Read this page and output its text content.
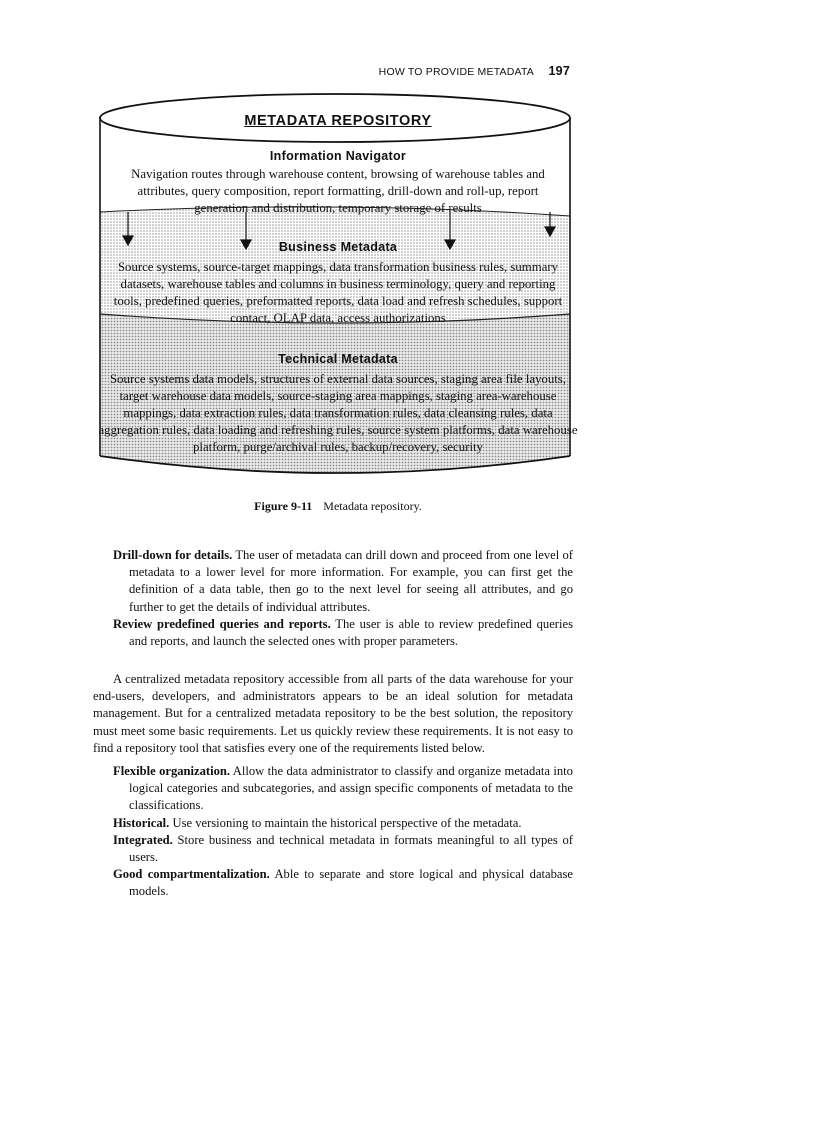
HOW TO PROVIDE METADATA 197
METADATA REPOSITORY
Information Navigator
Navigation routes through warehouse content, browsing of warehouse tables and attributes, query composition, report formatting, drill-down and roll-up, report generation and distribution, temporary storage of results
Business Metadata
Source systems, source-target mappings, data transformation business rules, summary datasets, warehouse tables and columns in business terminology, query and reporting tools, predefined queries, preformatted reports, data load and refresh schedules, support contact, OLAP data, access authorizations
Technical Metadata
Source systems data models, structures of external data sources, staging area file layouts, target warehouse data models, source-staging area mappings, staging area-warehouse mappings, data extraction rules, data transformation rules, data cleansing rules, data aggregation rules, data loading and refreshing rules, source system platforms, data warehouse platform, purge/archival rules, backup/recovery, security
Figure 9-11 Metadata repository.

Drill-down for details. The user of metadata can drill down and proceed from one level of metadata to a lower level for more information. For example, you can first get the definition of a data table, then go to the next level for seeing all attributes, and go further to get the details of individual attributes.

Review predefined queries and reports. The user is able to review predefined queries and reports, and launch the selected ones with proper parameters.

A centralized metadata repository accessible from all parts of the data warehouse for your end-users, developers, and administrators appears to be an ideal solution for metadata management. But for a centralized metadata repository to be the best solution, the repository must meet some basic requirements. Let us quickly review these requirements. It is not easy to find a repository tool that satisfies every one of the requirements listed below.

Flexible organization. Allow the data administrator to classify and organize metadata into logical categories and subcategories, and assign specific components of metadata to the classifications.

Historical. Use versioning to maintain the historical perspective of the metadata.

Integrated. Store business and technical metadata in formats meaningful to all types of users.

Good compartmentalization. Able to separate and store logical and physical database models.
